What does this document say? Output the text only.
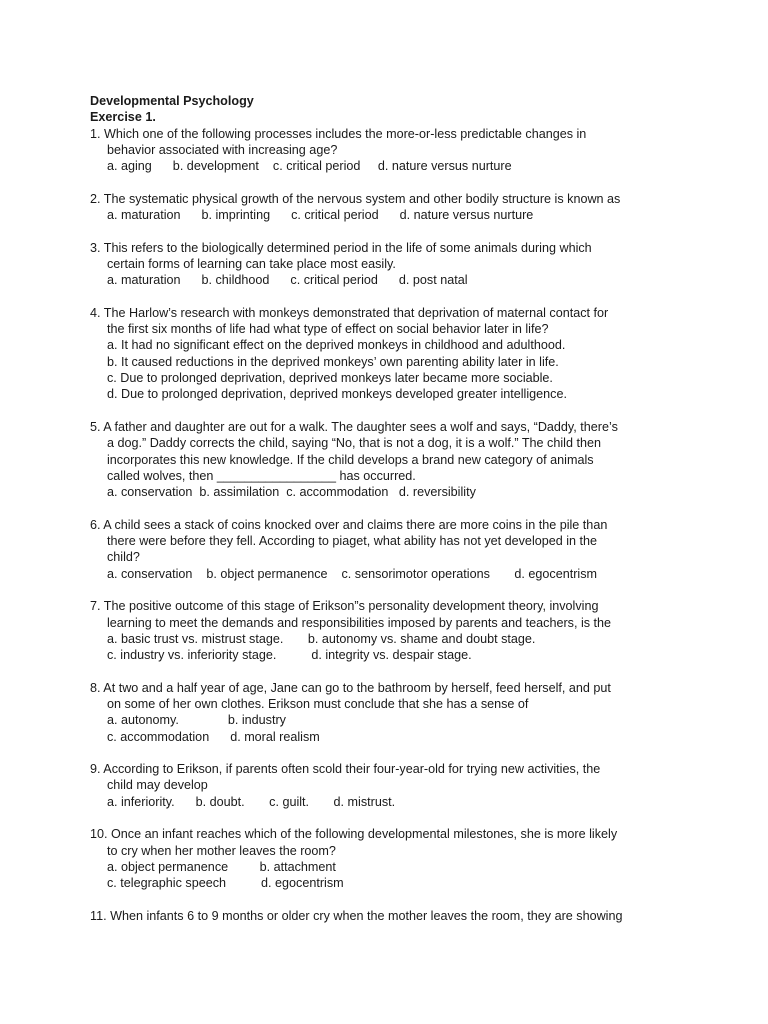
Developmental Psychology
Exercise 1.
1. Which one of the following processes includes the more-or-less predictable changes in
behavior associated with increasing age?
a. aging      b. development    c. critical period     d. nature versus nurture
2. The systematic physical growth of the nervous system and other bodily structure is known as
a. maturation      b. imprinting      c. critical period      d. nature versus nurture
3. This refers to the biologically determined period in the life of some animals during which
certain forms of learning can take place most easily.
a. maturation      b. childhood      c. critical period      d. post natal
4. The Harlow’s research with monkeys demonstrated that deprivation of maternal contact for
the first six months of life had what type of effect on social behavior later in life?
a. It had no significant effect on the deprived monkeys in childhood and adulthood.
b. It caused reductions in the deprived monkeys’ own parenting ability later in life.
c. Due to prolonged deprivation, deprived monkeys later became more sociable.
d. Due to prolonged deprivation, deprived monkeys developed greater intelligence.
5. A father and daughter are out for a walk. The daughter sees a wolf and says, “Daddy, there’s
a dog.” Daddy corrects the child, saying “No, that is not a dog, it is a wolf.” The child then
incorporates this new knowledge. If the child develops a brand new category of animals
called wolves, then _________________ has occurred.
a. conservation  b. assimilation  c. accommodation   d. reversibility
6. A child sees a stack of coins knocked over and claims there are more coins in the pile than
there were before they fell. According to piaget, what ability has not yet developed in the
child?
a. conservation    b. object permanence    c. sensorimotor operations       d. egocentrism
7. The positive outcome of this stage of Erikson”s personality development theory, involving
learning to meet the demands and responsibilities imposed by parents and teachers, is the
a. basic trust vs. mistrust stage.       b. autonomy vs. shame and doubt stage.
c. industry vs. inferiority stage.          d. integrity vs. despair stage.
8. At two and a half year of age, Jane can go to the bathroom by herself, feed herself, and put
on some of her own clothes. Erikson must conclude that she has a sense of
a. autonomy.              b. industry
c. accommodation      d. moral realism
9. According to Erikson, if parents often scold their four-year-old for trying new activities, the
child may develop
a. inferiority.      b. doubt.       c. guilt.       d. mistrust.
10. Once an infant reaches which of the following developmental milestones, she is more likely
to cry when her mother leaves the room?
a. object permanence         b. attachment
c. telegraphic speech          d. egocentrism
11. When infants 6 to 9 months or older cry when the mother leaves the room, they are showing
